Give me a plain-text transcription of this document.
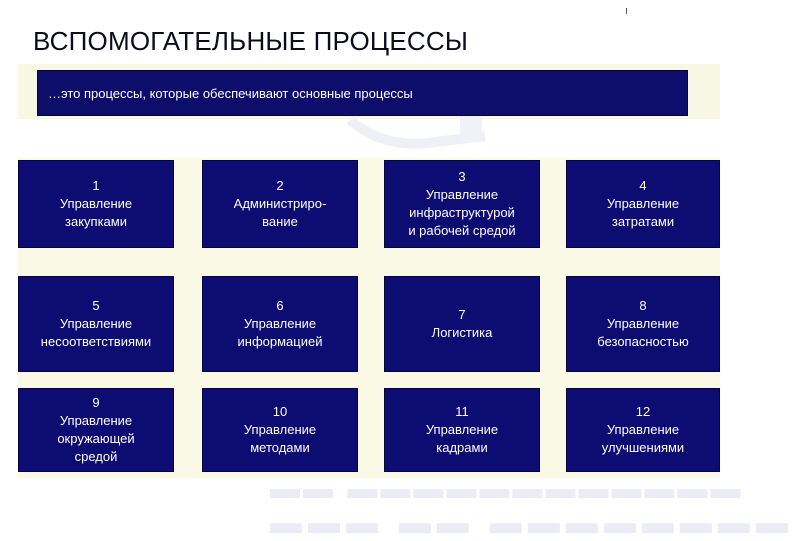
ВСПОМОГАТЕЛЬНЫЕ ПРОЦЕССЫ
…это процессы, которые обеспечивают основные процессы
▬▬ ▬▬▬▬▬▬▬▬▬▬▬▬
▬▬▬ ▬▬ ▬▬▬▬▬▬▬▬
1
Управление
закупками
2
Администриро-
вание
3
Управление
инфраструктурой
и рабочей средой
4
Управление
затратами
5
Управление
несоответствиями
6
Управление
информацией
7
Логистика
8
Управление
безопасностью
9
Управление
окружающей
средой
10
Управление
методами
11
Управление
кадрами
12
Управление
улучшениями
